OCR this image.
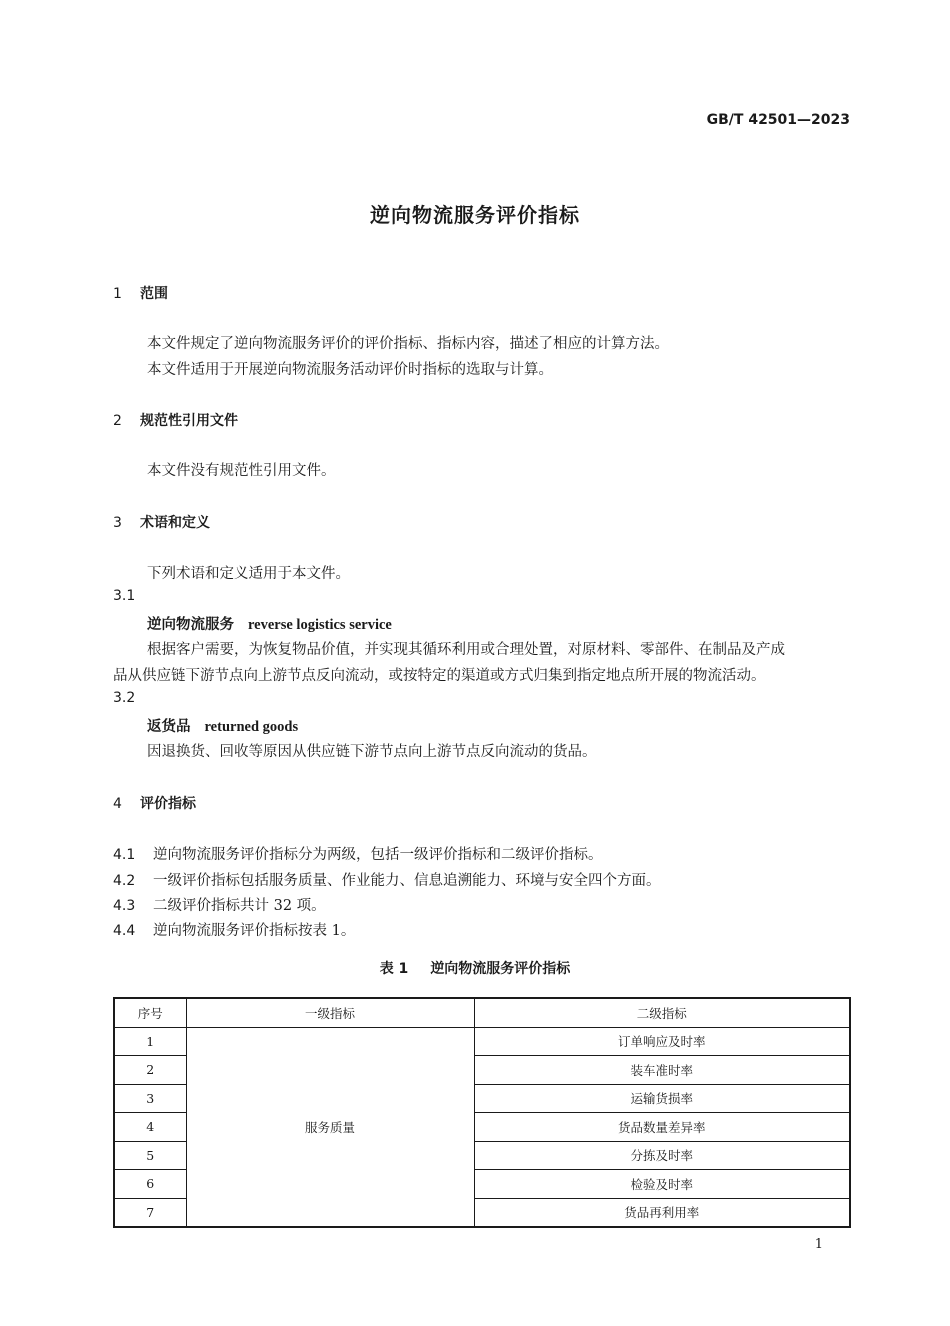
GB/T 42501—2023
逆向物流服务评价指标
1 范围
本文件规定了逆向物流服务评价的评价指标、指标内容，描述了相应的计算方法。
本文件适用于开展逆向物流服务活动评价时指标的选取与计算。
2 规范性引用文件
本文件没有规范性引用文件。
3 术语和定义
下列术语和定义适用于本文件。
3.1
逆向物流服务 reverse logistics service
根据客户需要，为恢复物品价值，并实现其循环利用或合理处置，对原材料、零部件、在制品及产成
品从供应链下游节点向上游节点反向流动，或按特定的渠道或方式归集到指定地点所开展的物流活动。
3.2
返货品 returned goods
因退换货、回收等原因从供应链下游节点向上游节点反向流动的货品。
4 评价指标
4.1 逆向物流服务评价指标分为两级，包括一级评价指标和二级评价指标。
4.2 一级评价指标包括服务质量、作业能力、信息追溯能力、环境与安全四个方面。
4.3 二级评价指标共计 32 项。
4.4 逆向物流服务评价指标按表 1。
表 1 逆向物流服务评价指标
序号	一级指标	二级指标
1	服务质量	订单响应及时率
2		装车准时率
3		运输货损率
4		货品数量差异率
5		分拣及时率
6		检验及时率
7		货品再利用率
1
